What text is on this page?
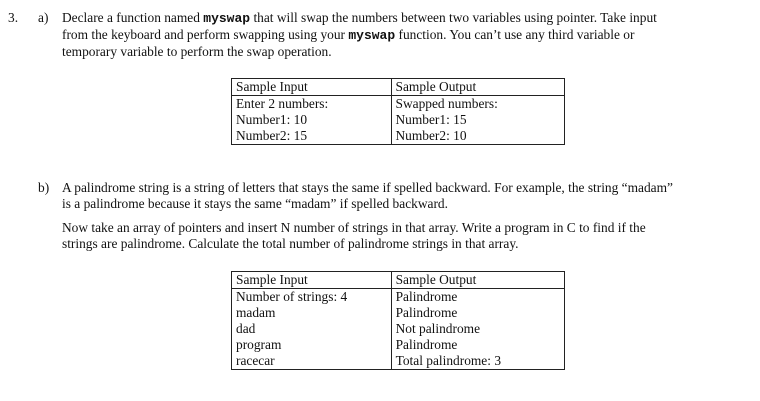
3. a) Declare a function named myswap that will swap the numbers between two variables using pointer. Take input
from the keyboard and perform swapping using your myswap function. You can’t use any third variable or
temporary variable to perform the swap operation.
Sample Input	Sample Output
Enter 2 numbers:	Swapped numbers:
Number1: 10	Number1: 15
Number2: 15	Number2: 10
b) A palindrome string is a string of letters that stays the same if spelled backward. For example, the string “madam”
is a palindrome because it stays the same “madam” if spelled backward.
Now take an array of pointers and insert N number of strings in that array. Write a program in C to find if the
strings are palindrome. Calculate the total number of palindrome strings in that array.
Sample Input	Sample Output
Number of strings: 4	Palindrome
madam	Palindrome
dad	Not palindrome
program	Palindrome
racecar	Total palindrome: 3
